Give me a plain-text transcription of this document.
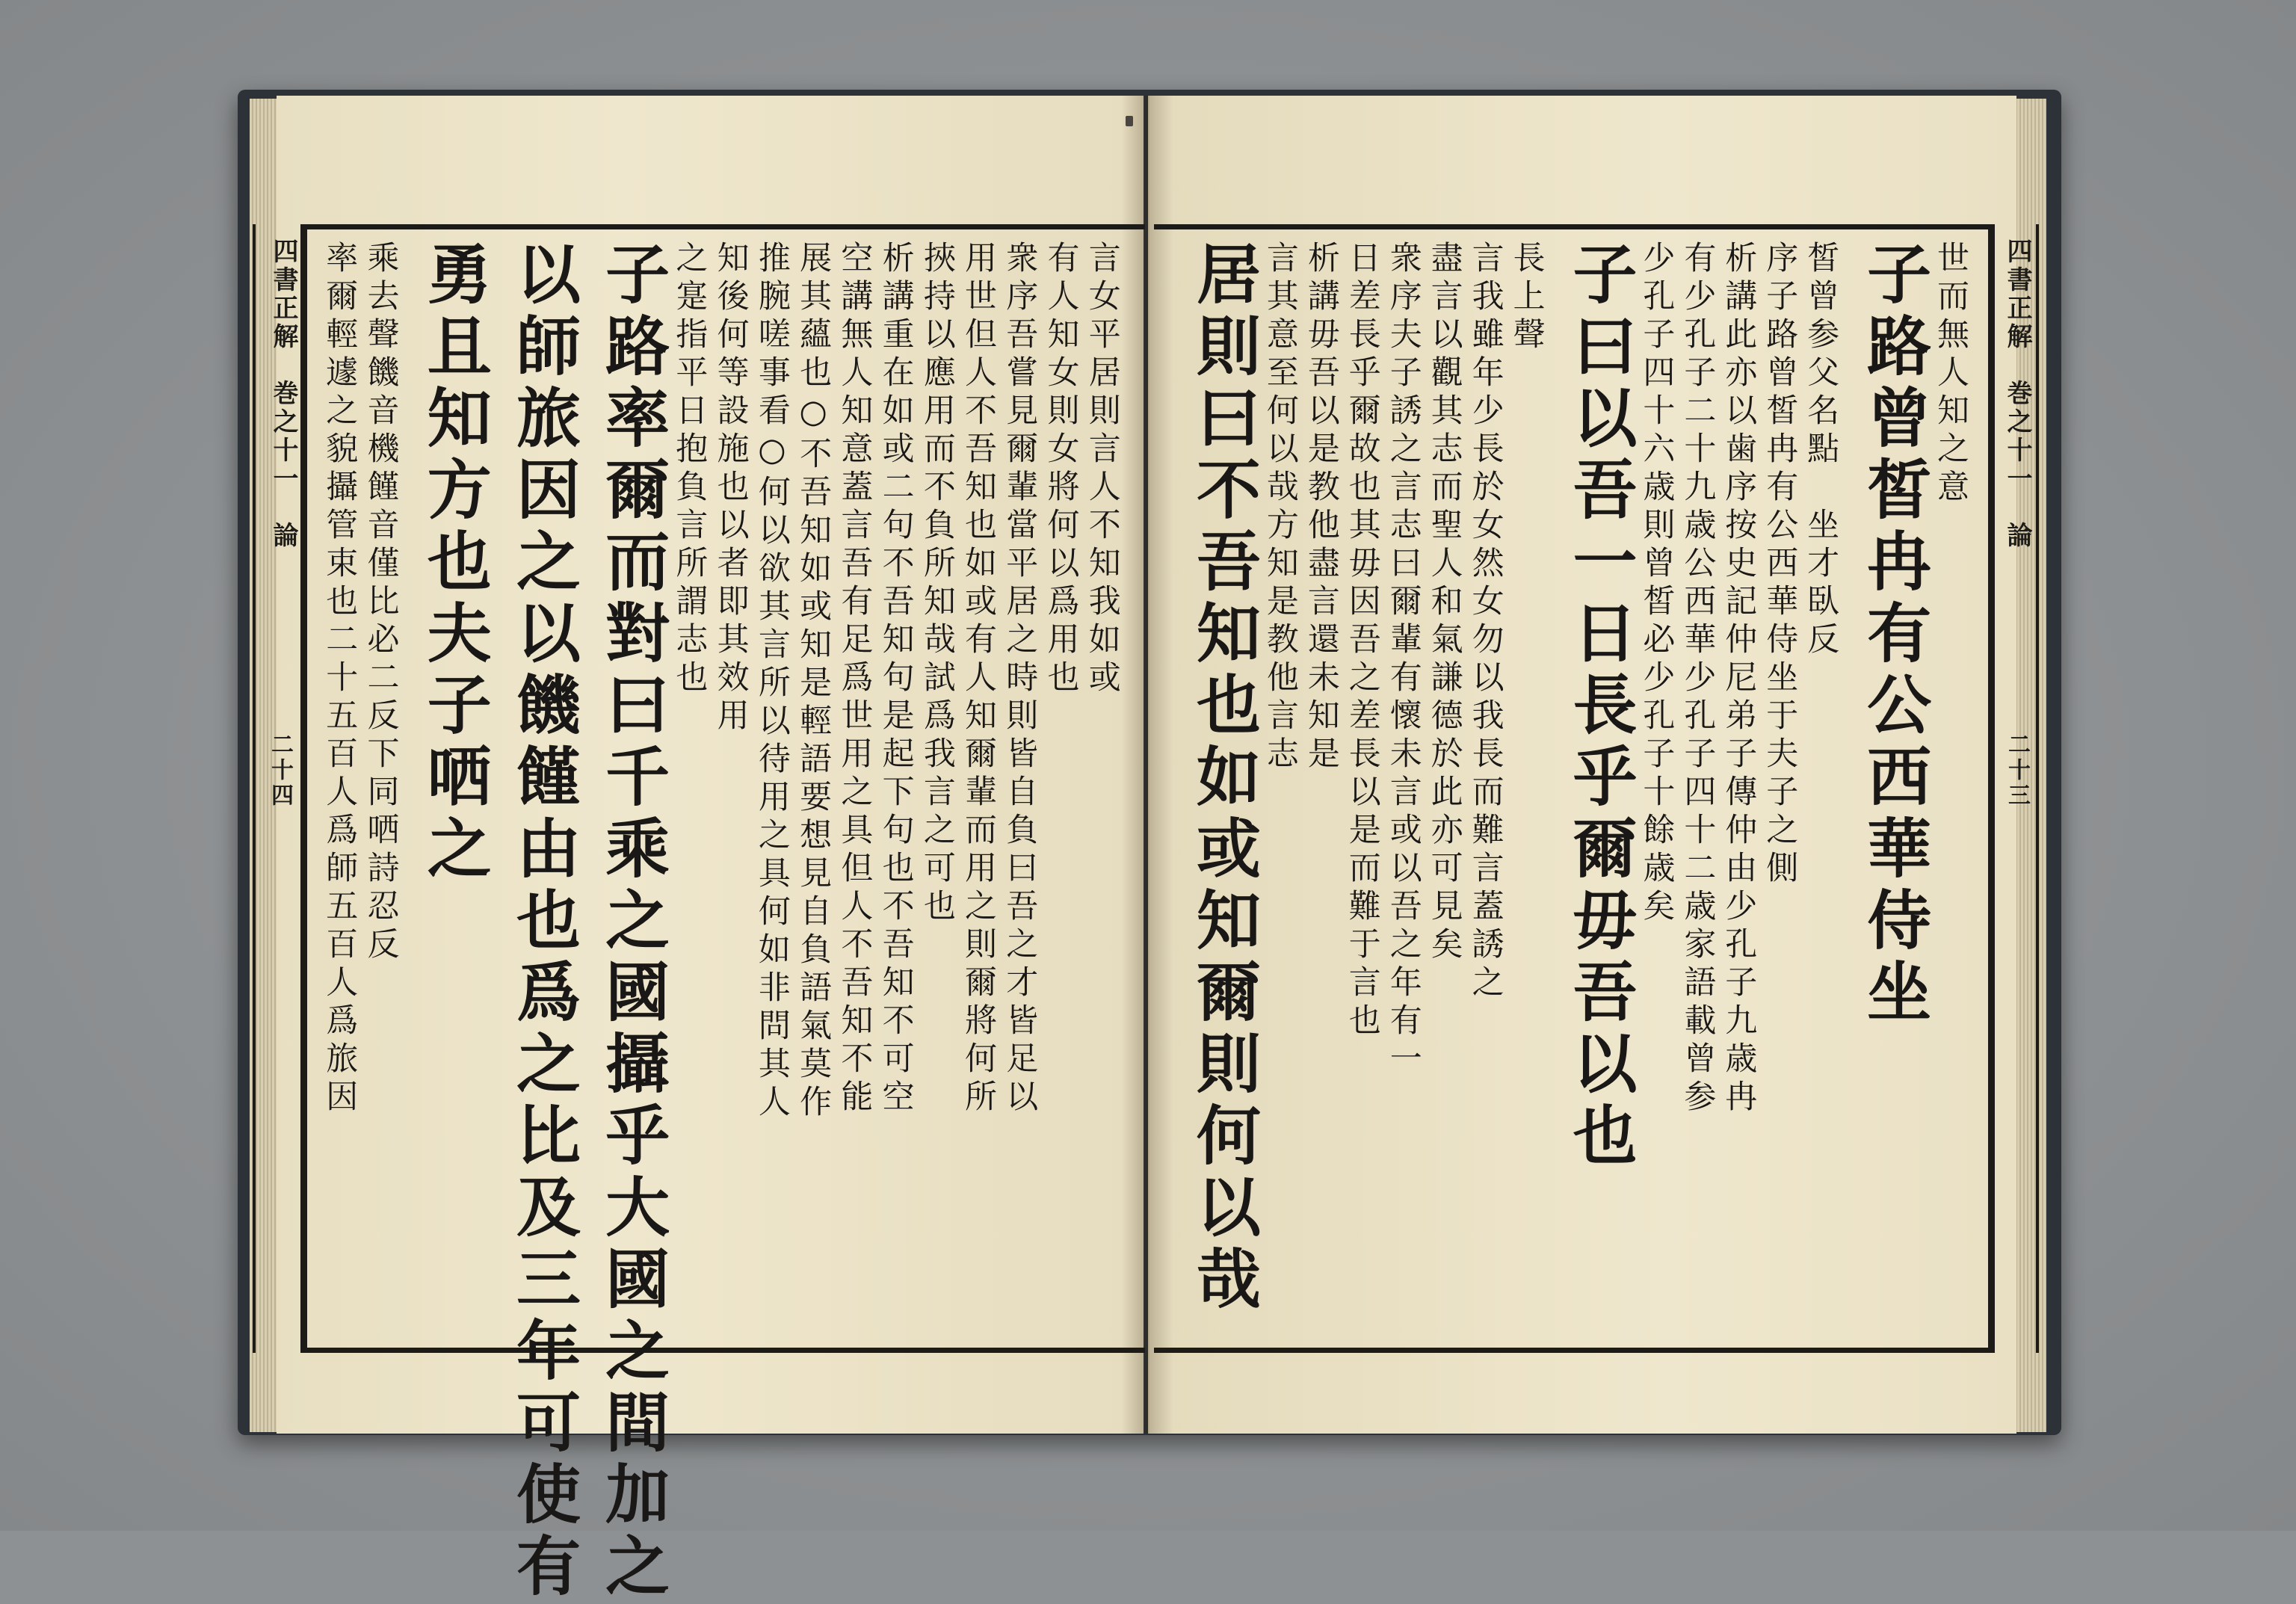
四書正解　巻之十一　論
二十四
四書正解　巻之十一　論
二十三
世而無人知之意
子路曾皙冉有公西華侍坐
皙曾参父名點　坐才臥反
序子路曾皙冉有公西華侍坐于夫子之側
析講此亦以歯序按史記仲尼弟子傳仲由少孔子九歳冉
有少孔子二十九歳公西華少孔子四十二歳家語載曾参
少孔子四十六歳則曾皙必少孔子十餘歳矣
子曰以吾一日長乎爾毋吾以也
長上聲
言我雖年少長於女然女勿以我長而難言蓋誘之
盡言以觀其志而聖人和氣謙德於此亦可見矣
衆序夫子誘之言志曰爾輩有懷未言或以吾之年有一
日差長乎爾故也其毋因吾之差長以是而難于言也
析講毋吾以是教他盡言還未知是
言其意至何以哉方知是教他言志
居則曰不吾知也如或知爾則何以哉
言女平居則言人不知我如或
有人知女則女將何以爲用也
衆序吾嘗見爾輩當平居之時則皆自負曰吾之才皆足以
用世但人不吾知也如或有人知爾輩而用之則爾將何所
挾持以應用而不負所知哉試爲我言之可也
析講重在如或二句不吾知句是起下句也不吾知不可空
空講無人知意蓋言吾有足爲世用之具但人不吾知不能
展其蘊也○不吾知如或知是輕語要想見自負語氣莫作
推腕嗟事看○何以欲其言所以待用之具何如非問其人
知後何等設施也以者即其效用
之寔指平日抱負言所謂志也
子路率爾而對曰千乘之國攝乎大國之間加之
以師旅因之以饑饉由也爲之比及三年可使有
勇且知方也夫子哂之
乘去聲饑音機饉音僅比必二反下同哂詩忍反
率爾輕遽之貌攝管束也二十五百人爲師五百人爲旅因
